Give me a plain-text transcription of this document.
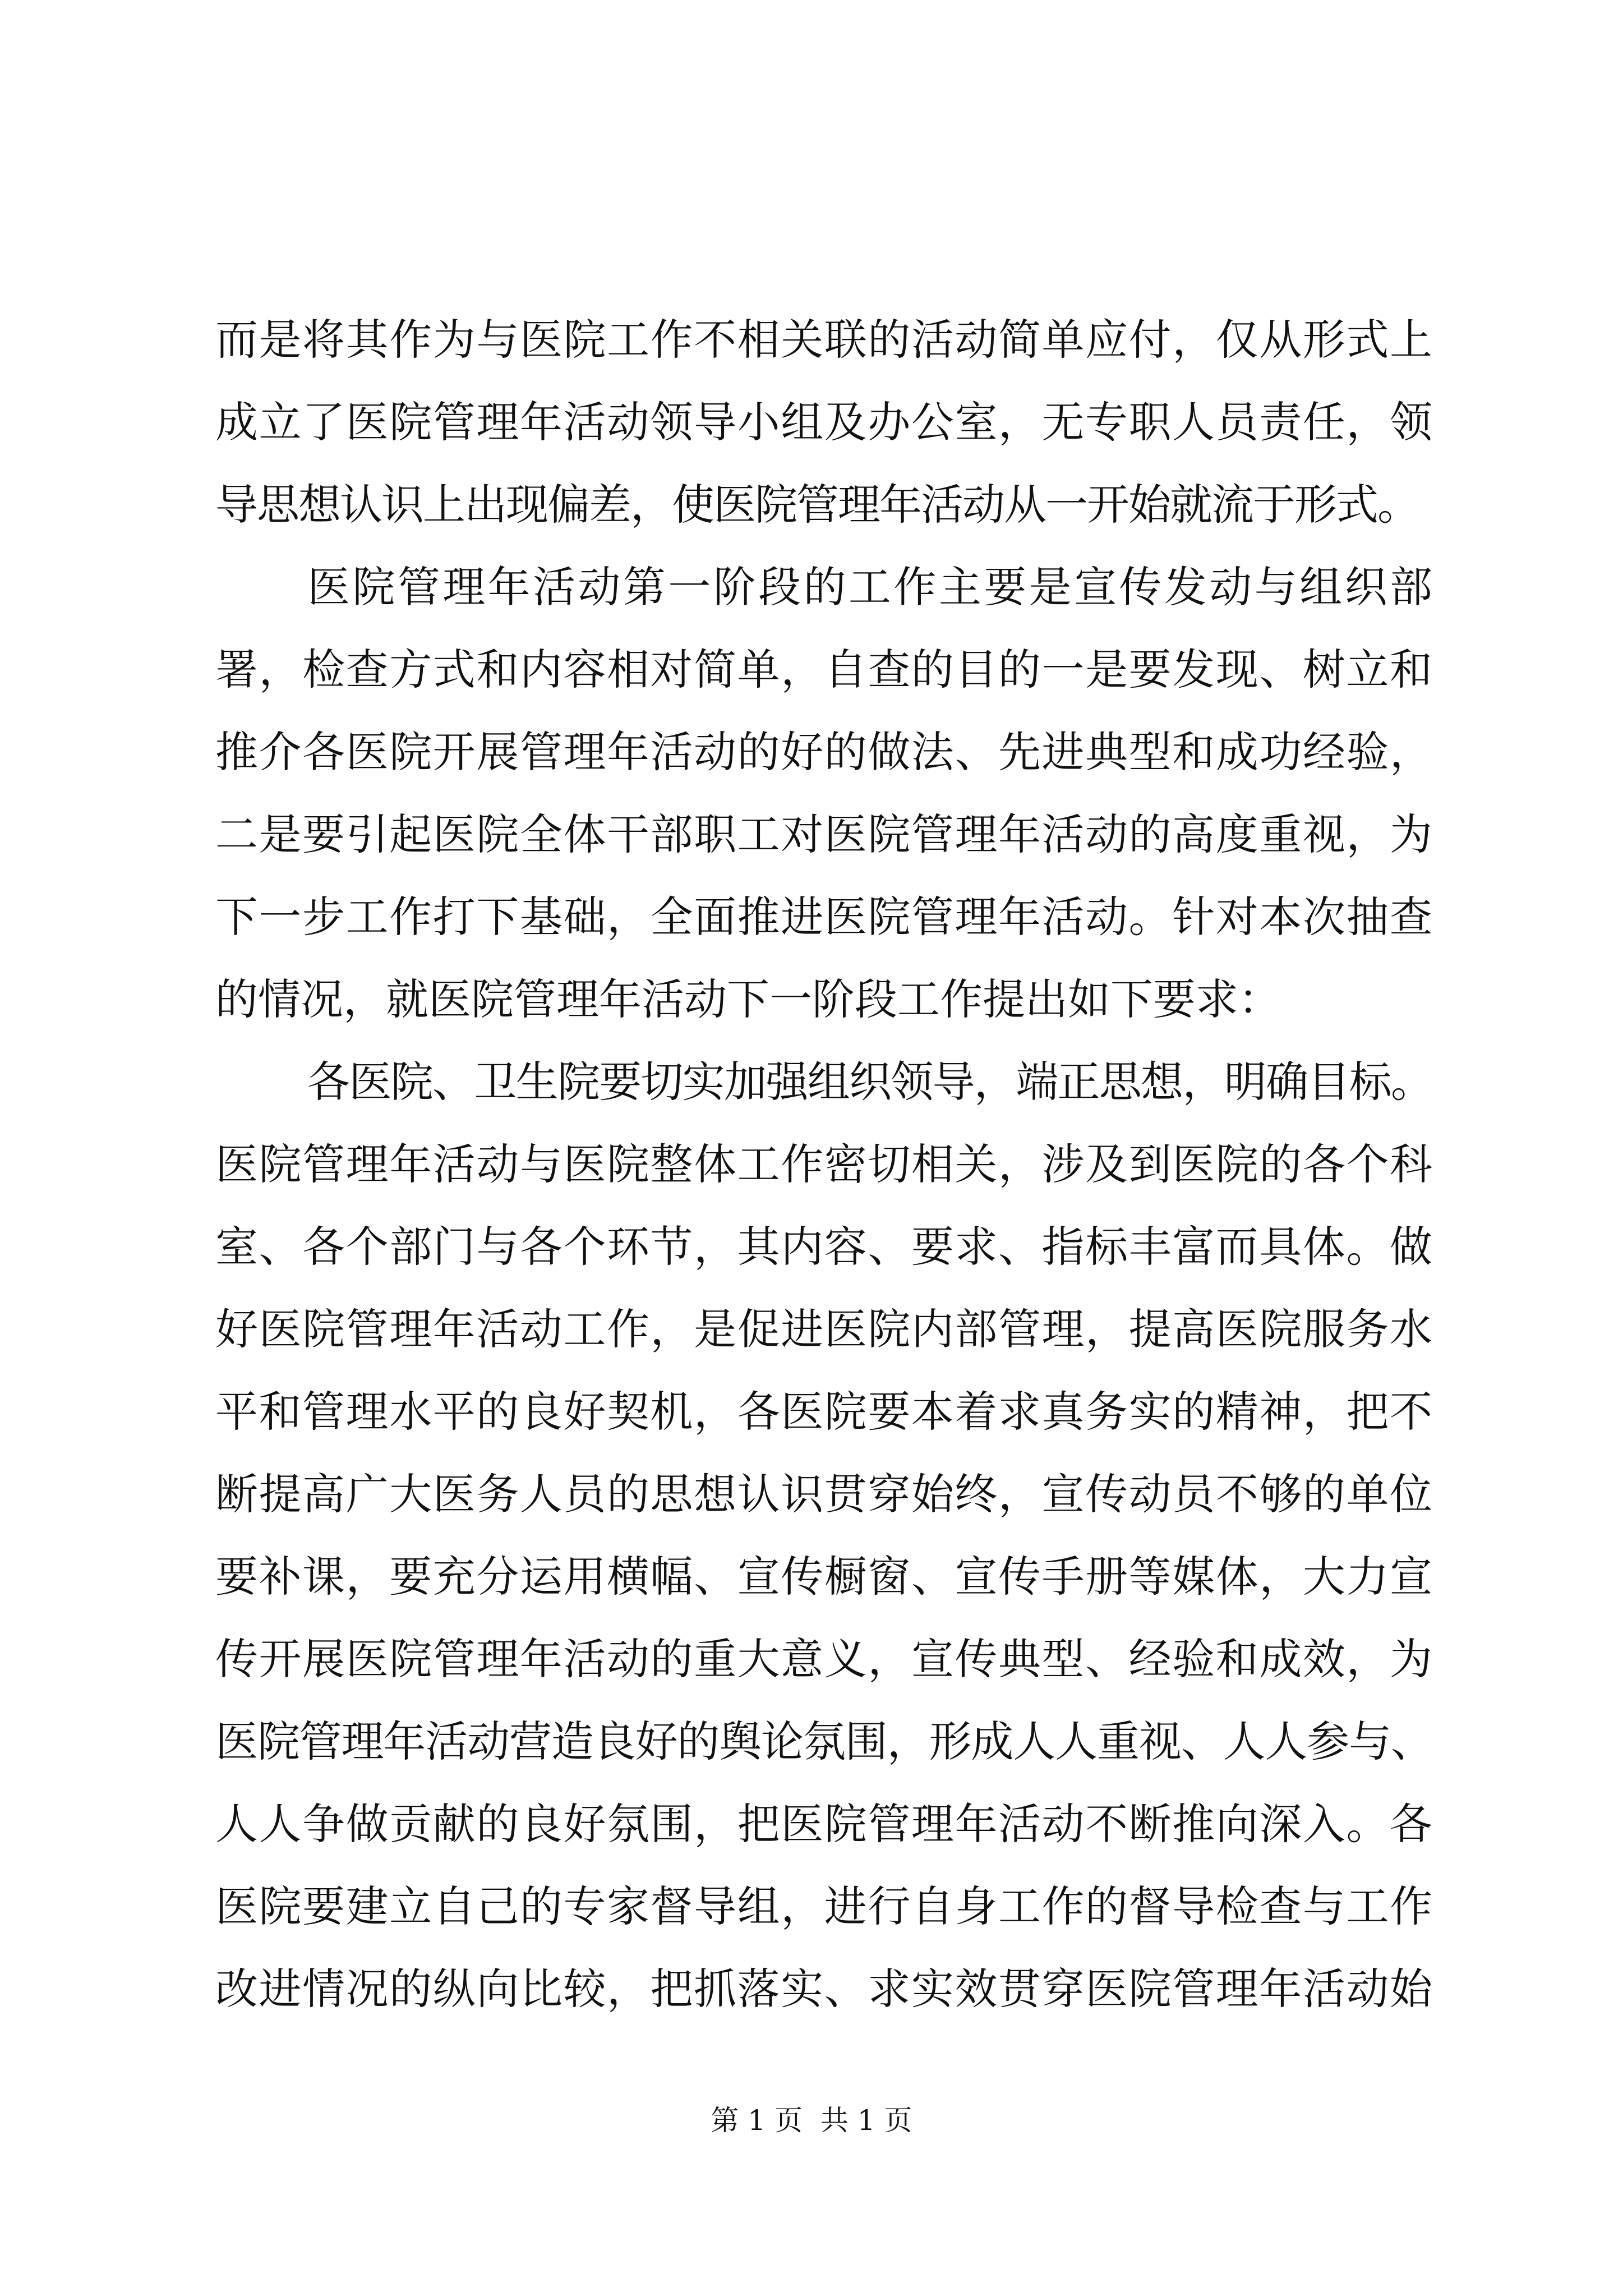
而是将其作为与医院工作不相关联的活动简单应付，仅从形式上
成立了医院管理年活动领导小组及办公室，无专职人员责任，领
导思想认识上出现偏差，使医院管理年活动从一开始就流于形式。
医院管理年活动第一阶段的工作主要是宣传发动与组织部
署，检查方式和内容相对简单，自查的目的一是要发现、树立和
推介各医院开展管理年活动的好的做法、先进典型和成功经验，
二是要引起医院全体干部职工对医院管理年活动的高度重视，为
下一步工作打下基础，全面推进医院管理年活动。针对本次抽查
的情况，就医院管理年活动下一阶段工作提出如下要求：
各医院、卫生院要切实加强组织领导，端正思想，明确目标。
医院管理年活动与医院整体工作密切相关，涉及到医院的各个科
室、各个部门与各个环节，其内容、要求、指标丰富而具体。做
好医院管理年活动工作，是促进医院内部管理，提高医院服务水
平和管理水平的良好契机，各医院要本着求真务实的精神，把不
断提高广大医务人员的思想认识贯穿始终，宣传动员不够的单位
要补课，要充分运用横幅、宣传橱窗、宣传手册等媒体，大力宣
传开展医院管理年活动的重大意义，宣传典型、经验和成效，为
医院管理年活动营造良好的舆论氛围，形成人人重视、人人参与、
人人争做贡献的良好氛围，把医院管理年活动不断推向深入。各
医院要建立自己的专家督导组，进行自身工作的督导检查与工作
改进情况的纵向比较，把抓落实、求实效贯穿医院管理年活动始
第 1 页  共 1 页
